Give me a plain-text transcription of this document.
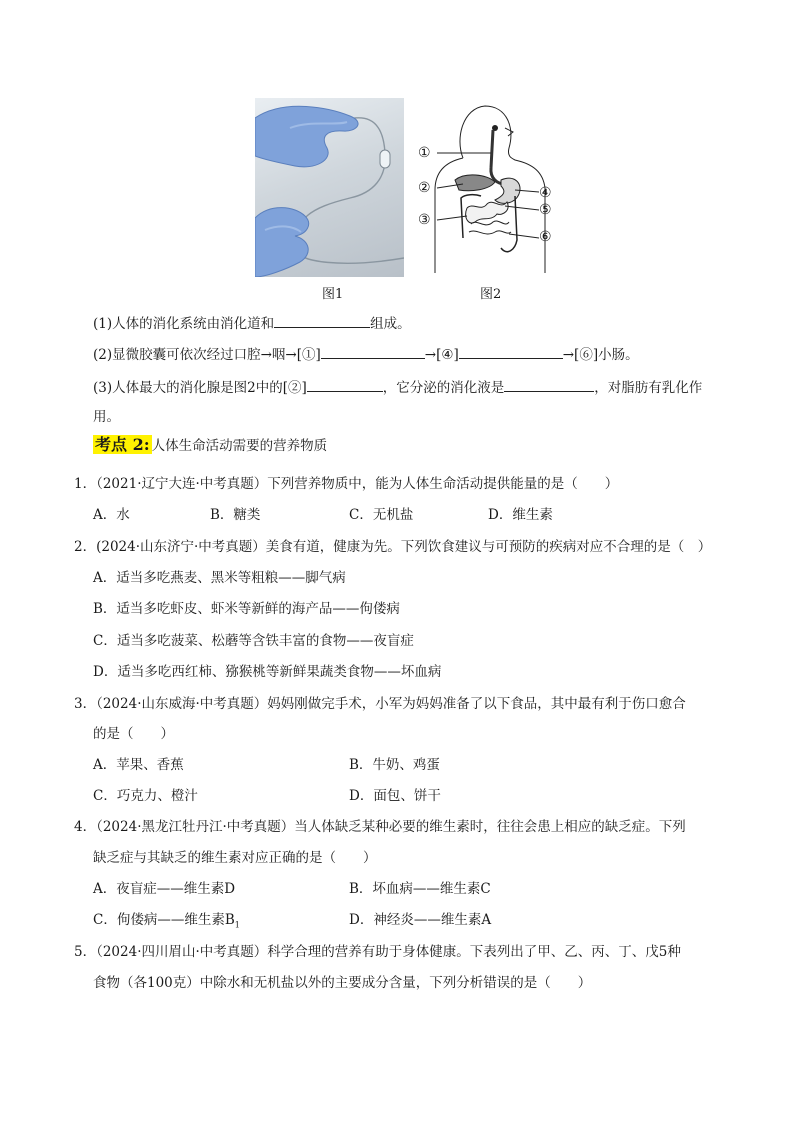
①
②
③
④
⑤
⑥
图1	图2
(1)人体的消化系统由消化道和	组成。
(2)显微胶囊可依次经过口腔→咽→[①]	→[④]	→[⑥]小肠。
(3)人体最大的消化腺是图2中的[②]	，它分泌的消化液是	，对脂肪有乳化作
用。
考点 2: 人体生命活动需要的营养物质
1．（2021·辽宁大连·中考真题）下列营养物质中，能为人体生命活动提供能量的是（　　）
A．水	B．糖类	C．无机盐	D．维生素
2．(2024·山东济宁·中考真题）美食有道，健康为先。下列饮食建议与可预防的疾病对应不合理的是（　）
A．适当多吃燕麦、黑米等粗粮——脚气病
B．适当多吃虾皮、虾米等新鲜的海产品——佝偻病
C．适当多吃菠菜、松蘑等含铁丰富的食物——夜盲症
D．适当多吃西红柿、猕猴桃等新鲜果蔬类食物——坏血病
3．（2024·山东威海·中考真题）妈妈刚做完手术，小军为妈妈准备了以下食品，其中最有利于伤口愈合
的是（　　）
A．苹果、香蕉	B．牛奶、鸡蛋
C．巧克力、橙汁	D．面包、饼干
4．（2024·黑龙江牡丹江·中考真题）当人体缺乏某种必要的维生素时，往往会患上相应的缺乏症。下列
缺乏症与其缺乏的维生素对应正确的是（　　）
A．夜盲症——维生素D	B．坏血病——维生素C
C．佝偻病——维生素$B_1$	D．神经炎——维生素A
5．（2024·四川眉山·中考真题）科学合理的营养有助于身体健康。下表列出了甲、乙、丙、丁、戊5种
食物（各100克）中除水和无机盐以外的主要成分含量，下列分析错误的是（　　）
